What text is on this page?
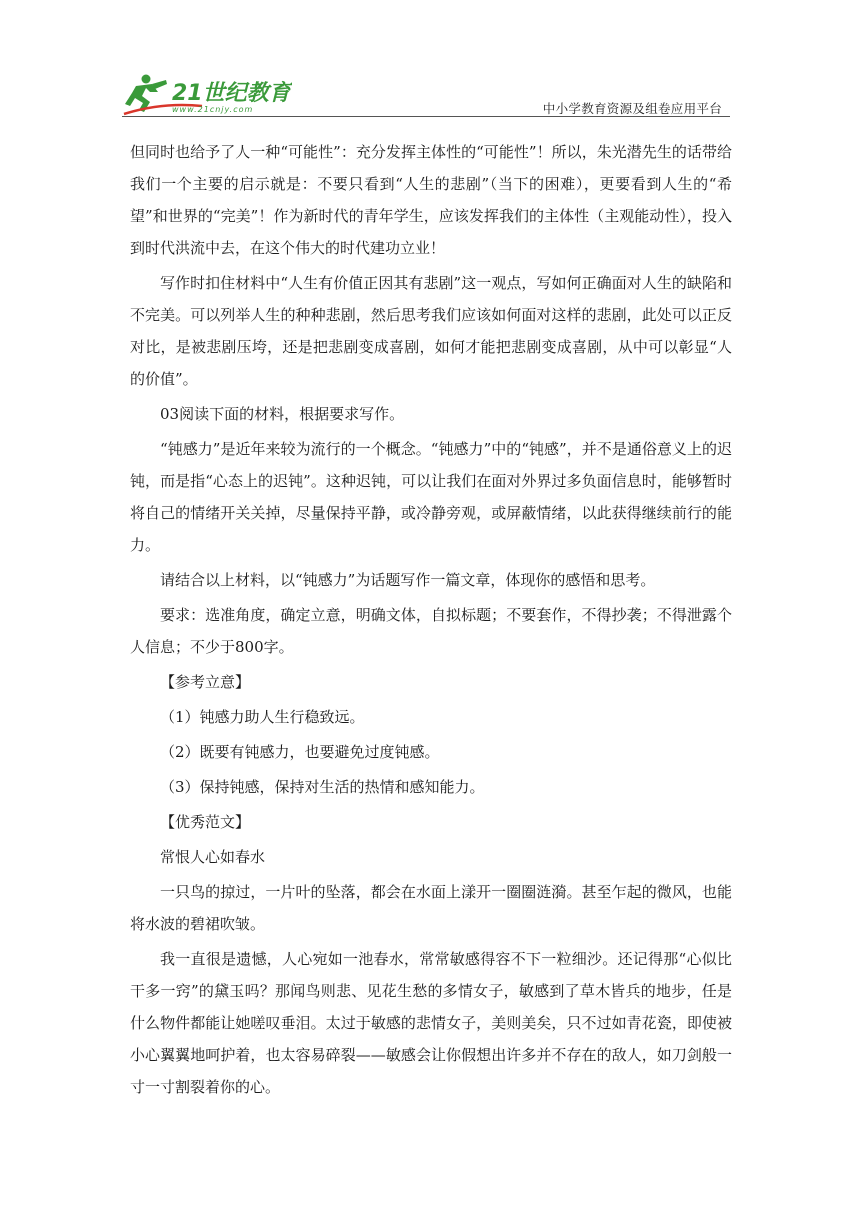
21世纪教育
www.21cnjy.com	中小学教育资源及组卷应用平台

但同时也给予了人一种“可能性”：充分发挥主体性的“可能性”！所以，朱光潜先生的话带给我们一个主要的启示就是：不要只看到“人生的悲剧”（当下的困难），更要看到人生的“希望”和世界的“完美”！作为新时代的青年学生，应该发挥我们的主体性（主观能动性），投入到时代洪流中去，在这个伟大的时代建功立业！

写作时扣住材料中“人生有价值正因其有悲剧”这一观点，写如何正确面对人生的缺陷和不完美。可以列举人生的种种悲剧，然后思考我们应该如何面对这样的悲剧，此处可以正反对比，是被悲剧压垮，还是把悲剧变成喜剧，如何才能把悲剧变成喜剧，从中可以彰显“人的价值”。

03阅读下面的材料，根据要求写作。

“钝感力”是近年来较为流行的一个概念。“钝感力”中的“钝感”，并不是通俗意义上的迟钝，而是指“心态上的迟钝”。这种迟钝，可以让我们在面对外界过多负面信息时，能够暂时将自己的情绪开关关掉，尽量保持平静，或冷静旁观，或屏蔽情绪，以此获得继续前行的能力。

请结合以上材料，以“钝感力”为话题写作一篇文章，体现你的感悟和思考。

要求：选准角度，确定立意，明确文体，自拟标题；不要套作，不得抄袭；不得泄露个人信息；不少于800字。

【参考立意】

（1）钝感力助人生行稳致远。

（2）既要有钝感力，也要避免过度钝感。

（3）保持钝感，保持对生活的热情和感知能力。

【优秀范文】

常恨人心如春水

一只鸟的掠过，一片叶的坠落，都会在水面上漾开一圈圈涟漪。甚至乍起的微风，也能将水波的碧裙吹皱。

我一直很是遗憾，人心宛如一池春水，常常敏感得容不下一粒细沙。还记得那“心似比干多一窍”的黛玉吗？那闻鸟则悲、见花生愁的多情女子，敏感到了草木皆兵的地步，任是什么物件都能让她嗟叹垂泪。太过于敏感的悲情女子，美则美矣，只不过如青花瓷，即使被小心翼翼地呵护着，也太容易碎裂——敏感会让你假想出许多并不存在的敌人，如刀剑般一寸一寸割裂着你的心。
